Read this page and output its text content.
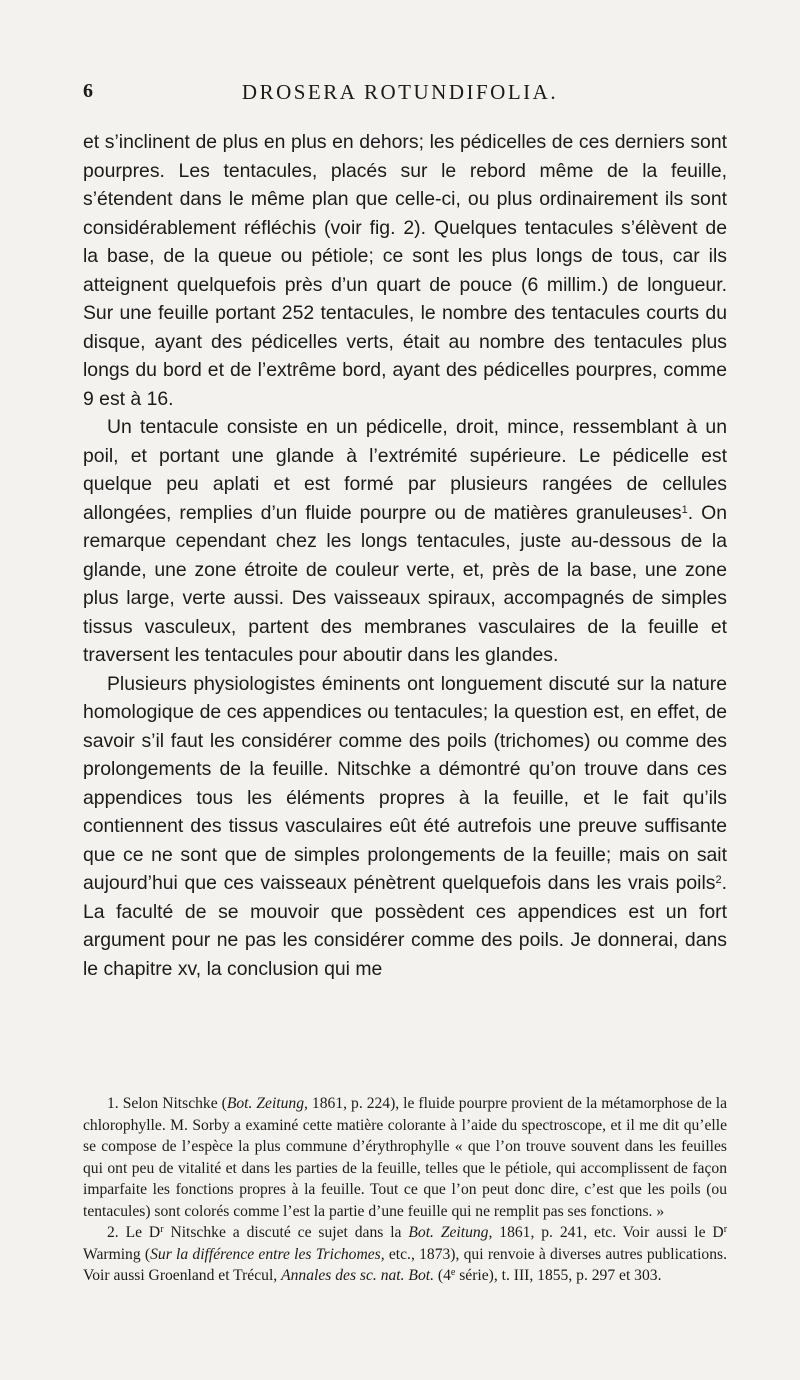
6	DROSERA ROTUNDIFOLIA.

et s’inclinent de plus en plus en dehors; les pédicelles de ces derniers sont pourpres. Les tentacules, placés sur le rebord même de la feuille, s’étendent dans le même plan que celle-ci, ou plus ordinairement ils sont considérablement réfléchis (voir fig. 2). Quelques tentacules s’élèvent de la base, de la queue ou pétiole; ce sont les plus longs de tous, car ils atteignent quelquefois près d’un quart de pouce (6 millim.) de longueur. Sur une feuille portant 252 tentacules, le nombre des tentacules courts du disque, ayant des pédicelles verts, était au nombre des tentacules plus longs du bord et de l’extrême bord, ayant des pédicelles pourpres, comme 9 est à 16.

Un tentacule consiste en un pédicelle, droit, mince, ressemblant à un poil, et portant une glande à l’extrémité supérieure. Le pédicelle est quelque peu aplati et est formé par plusieurs rangées de cellules allongées, remplies d’un fluide pourpre ou de matières granuleuses$^1$. On remarque cependant chez les longs tentacules, juste au-dessous de la glande, une zone étroite de couleur verte, et, près de la base, une zone plus large, verte aussi. Des vaisseaux spiraux, accompagnés de simples tissus vasculeux, partent des membranes vasculaires de la feuille et traversent les tentacules pour aboutir dans les glandes.

Plusieurs physiologistes éminents ont longuement discuté sur la nature homologique de ces appendices ou tentacules; la question est, en effet, de savoir s’il faut les considérer comme des poils (trichomes) ou comme des prolongements de la feuille. Nitschke a démontré qu’on trouve dans ces appendices tous les éléments propres à la feuille, et le fait qu’ils contiennent des tissus vasculaires eût été autrefois une preuve suffisante que ce ne sont que de simples prolongements de la feuille; mais on sait aujourd’hui que ces vaisseaux pénètrent quelquefois dans les vrais poils$^2$. La faculté de se mouvoir que possèdent ces appendices est un fort argument pour ne pas les considérer comme des poils. Je donnerai, dans le chapitre xv, la conclusion qui me

1. Selon Nitschke (Bot. Zeitung, 1861, p. 224), le fluide pourpre provient de la métamorphose de la chlorophylle. M. Sorby a examiné cette matière colorante à l’aide du spectroscope, et il me dit qu’elle se compose de l’espèce la plus commune d’érythrophylle « que l’on trouve souvent dans les feuilles qui ont peu de vitalité et dans les parties de la feuille, telles que le pétiole, qui accomplissent de façon imparfaite les fonctions propres à la feuille. Tout ce que l’on peut donc dire, c’est que les poils (ou tentacules) sont colorés comme l’est la partie d’une feuille qui ne remplit pas ses fonctions. »

2. Le $D^r$ Nitschke a discuté ce sujet dans la Bot. Zeitung, 1861, p. 241, etc. Voir aussi le $D^r$ Warming (Sur la différence entre les Trichomes, etc., 1873), qui renvoie à diverses autres publications. Voir aussi Groenland et Trécul, Annales des sc. nat. Bot. (4e série), t. III, 1855, p. 297 et 303.
